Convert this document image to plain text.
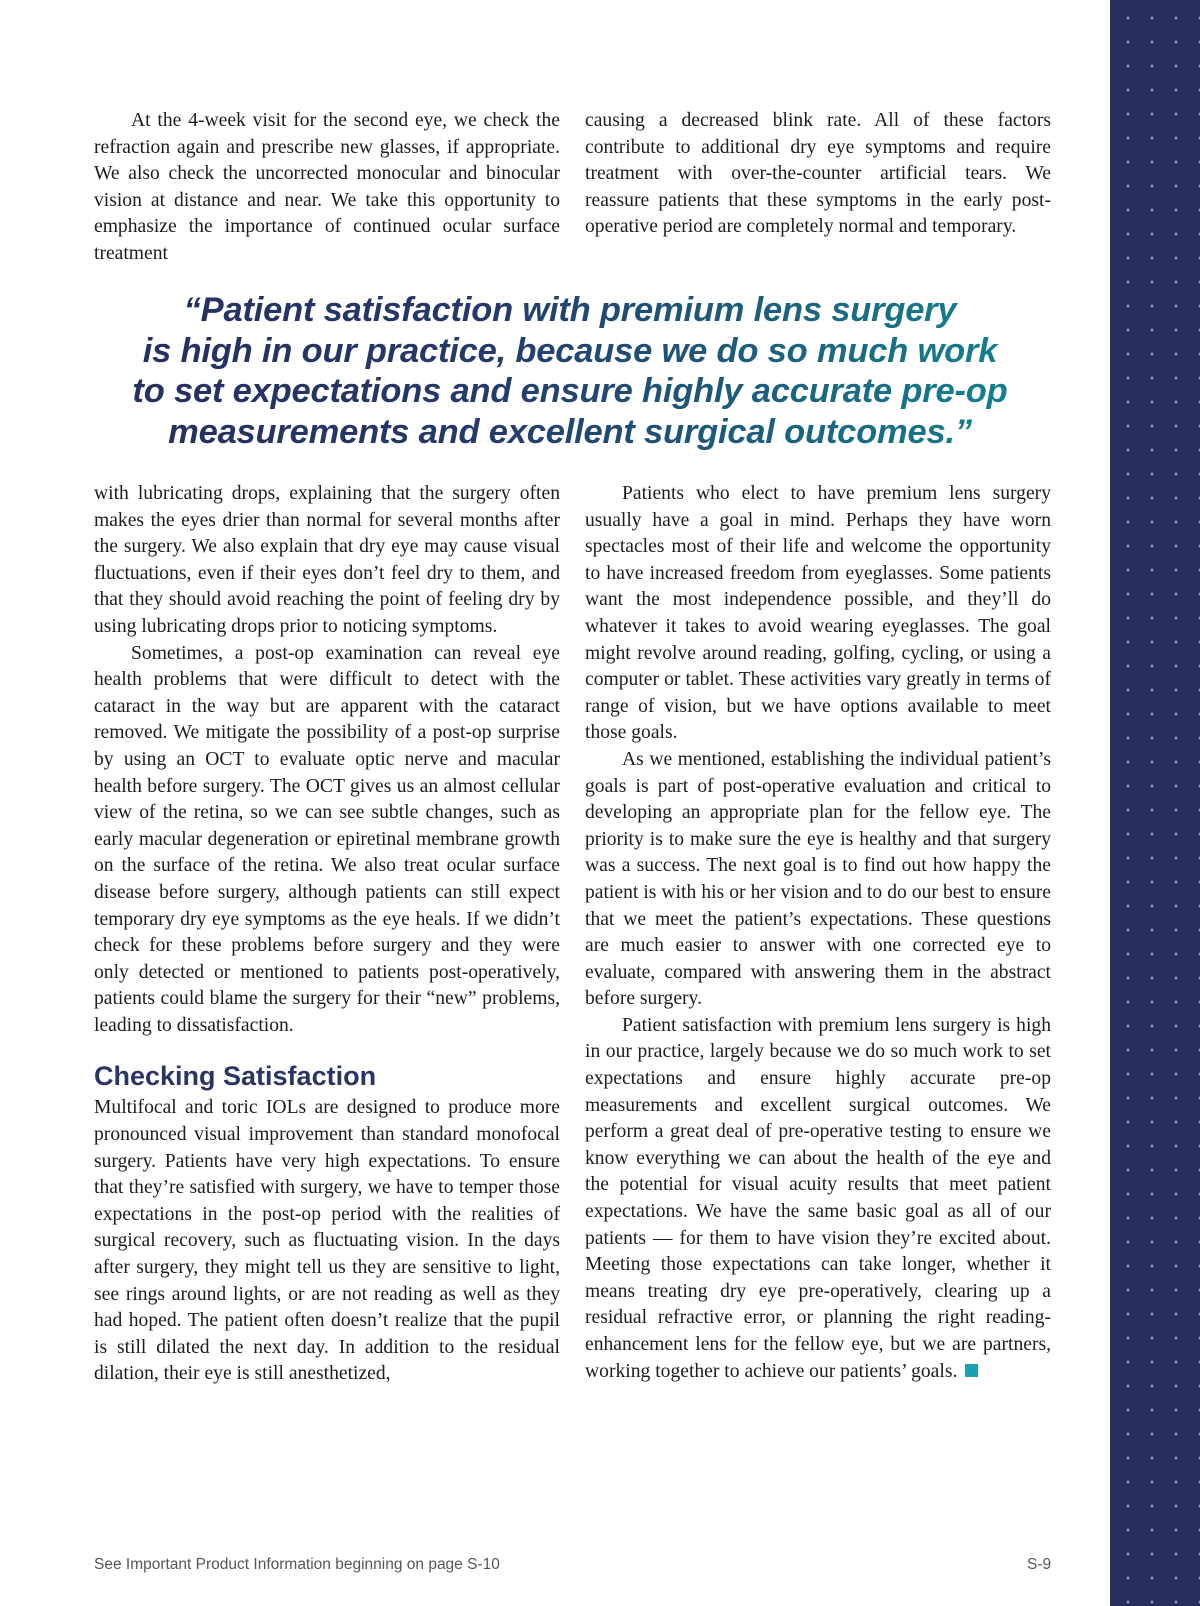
At the 4-week visit for the second eye, we check the refraction again and prescribe new glasses, if appropriate. We also check the uncorrected monocular and binocular vision at distance and near. We take this opportunity to emphasize the importance of continued ocular surface treatment

causing a decreased blink rate. All of these factors contribute to additional dry eye symptoms and require treatment with over-the-counter artificial tears. We reassure patients that these symptoms in the early post-operative period are completely normal and temporary.

“Patient satisfaction with premium lens surgery
is high in our practice, because we do so much work
to set expectations and ensure highly accurate pre-op
measurements and excellent surgical outcomes.”

with lubricating drops, explaining that the surgery often makes the eyes drier than normal for several months after the surgery. We also explain that dry eye may cause visual fluctuations, even if their eyes don’t feel dry to them, and that they should avoid reaching the point of feeling dry by using lubricating drops prior to noticing symptoms.

Sometimes, a post-op examination can reveal eye health problems that were difficult to detect with the cataract in the way but are apparent with the cataract removed. We mitigate the possibility of a post-op surprise by using an OCT to evaluate optic nerve and macular health before surgery. The OCT gives us an almost cellular view of the retina, so we can see subtle changes, such as early macular degeneration or epiretinal membrane growth on the surface of the retina. We also treat ocular surface disease before surgery, although patients can still expect temporary dry eye symptoms as the eye heals. If we didn’t check for these problems before surgery and they were only detected or mentioned to patients post-operatively, patients could blame the surgery for their “new” problems, leading to dissatisfaction.

Checking Satisfaction

Multifocal and toric IOLs are designed to produce more pronounced visual improvement than standard monofocal surgery. Patients have very high expectations. To ensure that they’re satisfied with surgery, we have to temper those expectations in the post-op period with the realities of surgical recovery, such as fluctuating vision. In the days after surgery, they might tell us they are sensitive to light, see rings around lights, or are not reading as well as they had hoped. The patient often doesn’t realize that the pupil is still dilated the next day. In addition to the residual dilation, their eye is still anesthetized,

Patients who elect to have premium lens surgery usually have a goal in mind. Perhaps they have worn spectacles most of their life and welcome the opportunity to have increased freedom from eyeglasses. Some patients want the most independence possible, and they’ll do whatever it takes to avoid wearing eyeglasses. The goal might revolve around reading, golfing, cycling, or using a computer or tablet. These activities vary greatly in terms of range of vision, but we have options available to meet those goals.

As we mentioned, establishing the individual patient’s goals is part of post-operative evaluation and critical to developing an appropriate plan for the fellow eye. The priority is to make sure the eye is healthy and that surgery was a success. The next goal is to find out how happy the patient is with his or her vision and to do our best to ensure that we meet the patient’s expectations. These questions are much easier to answer with one corrected eye to evaluate, compared with answering them in the abstract before surgery.

Patient satisfaction with premium lens surgery is high in our practice, largely because we do so much work to set expectations and ensure highly accurate pre-op measurements and excellent surgical outcomes. We perform a great deal of pre-operative testing to ensure we know everything we can about the health of the eye and the potential for visual acuity results that meet patient expectations. We have the same basic goal as all of our patients — for them to have vision they’re excited about. Meeting those expectations can take longer, whether it means treating dry eye pre-operatively, clearing up a residual refractive error, or planning the right reading-enhancement lens for the fellow eye, but we are partners, working together to achieve our patients’ goals.

See Important Product Information beginning on page S-10	S-9
